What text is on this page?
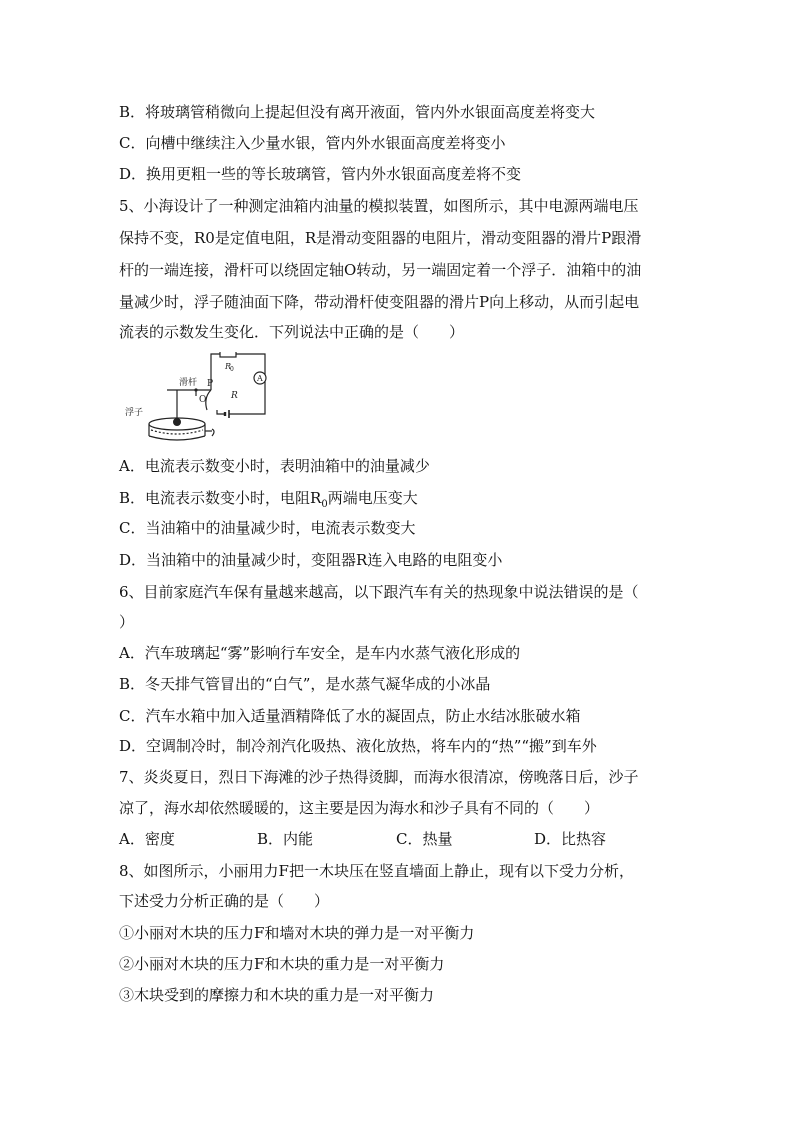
B．将玻璃管稍微向上提起但没有离开液面，管内外水银面高度差将变大

C．向槽中继续注入少量水银，管内外水银面高度差将变小

D．换用更粗一些的等长玻璃管，管内外水银面高度差将不变

5、小海设计了一种测定油箱内油量的模拟装置，如图所示，其中电源两端电压

保持不变，R0是定值电阻，R是滑动变阻器的电阻片，滑动变阻器的滑片P跟滑

杆的一端连接，滑杆可以绕固定轴O转动，另一端固定着一个浮子．油箱中的油

量减少时，浮子随油面下降，带动滑杆使变阻器的滑片P向上移动，从而引起电

流表的示数发生变化．下列说法中正确的是（　　）

滑杆
浮子
P
O
R
0
R
A

A．电流表示数变小时，表明油箱中的油量减少

B．电流表示数变小时，电阻$R_0$两端电压变大

C．当油箱中的油量减少时，电流表示数变大

D．当油箱中的油量减少时，变阻器R连入电路的电阻变小

6、目前家庭汽车保有量越来越高，以下跟汽车有关的热现象中说法错误的是（

）

A．汽车玻璃起“雾”影响行车安全，是车内水蒸气液化形成的

B．冬天排气管冒出的“白气”，是水蒸气凝华成的小冰晶

C．汽车水箱中加入适量酒精降低了水的凝固点，防止水结冰胀破水箱

D．空调制冷时，制冷剂汽化吸热、液化放热，将车内的“热”“搬”到车外

7、炎炎夏日，烈日下海滩的沙子热得烫脚，而海水很清凉，傍晚落日后，沙子

凉了，海水却依然暖暖的，这主要是因为海水和沙子具有不同的（　　）

A．密度	B．内能	C．热量	D．比热容

8、如图所示，小丽用力F把一木块压在竖直墙面上静止，现有以下受力分析，

下述受力分析正确的是（　　）

①小丽对木块的压力F和墙对木块的弹力是一对平衡力

②小丽对木块的压力F和木块的重力是一对平衡力

③木块受到的摩擦力和木块的重力是一对平衡力
